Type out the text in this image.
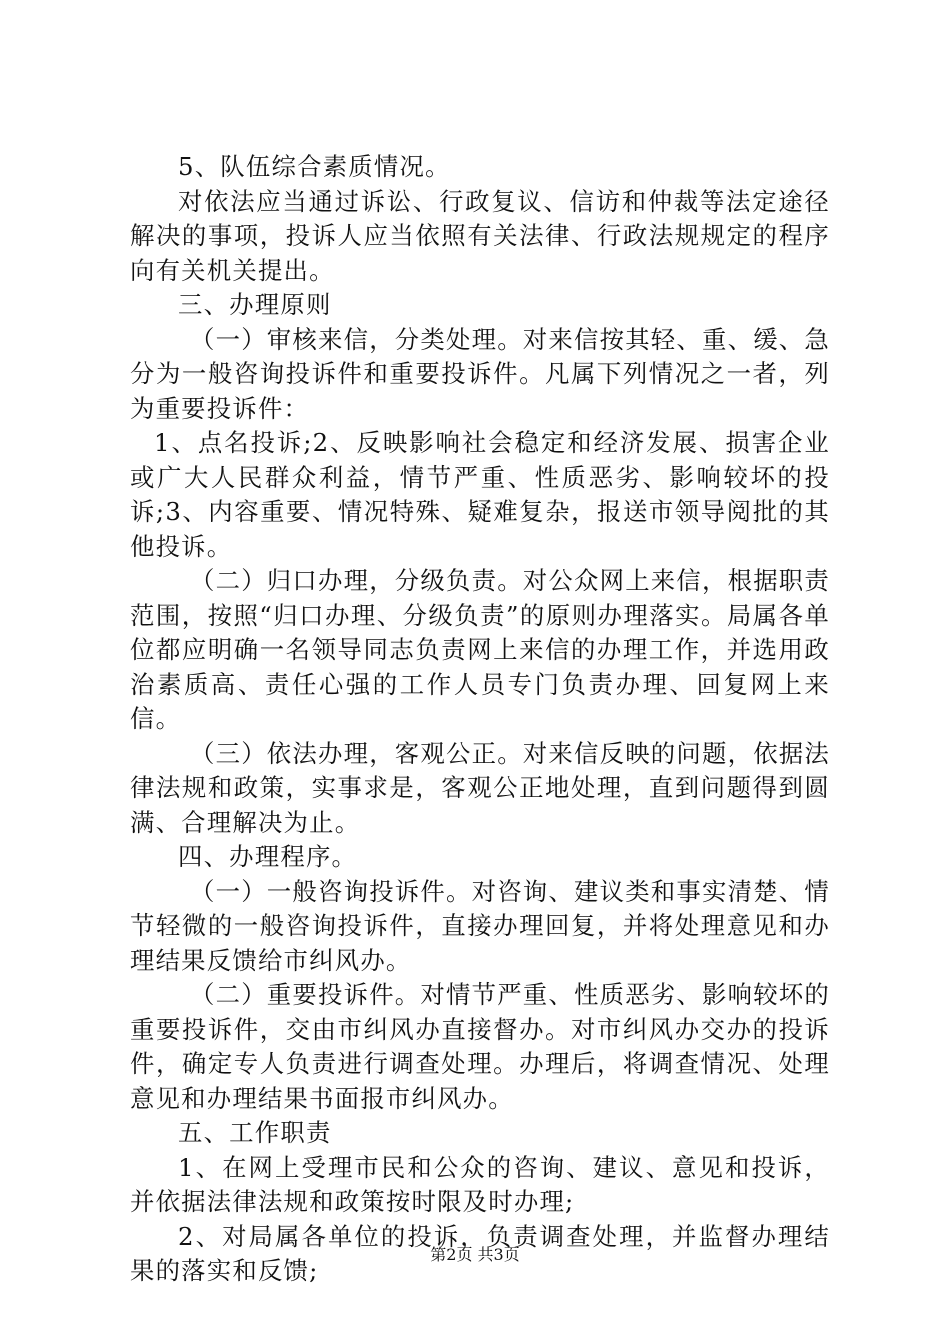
5、队伍综合素质情况。

对依法应当通过诉讼、行政复议、信访和仲裁等法定途径解决的事项，投诉人应当依照有关法律、行政法规规定的程序向有关机关提出。

三、办理原则

（一）审核来信，分类处理。对来信按其轻、重、缓、急分为一般咨询投诉件和重要投诉件。凡属下列情况之一者，列为重要投诉件：

1、点名投诉;2、反映影响社会稳定和经济发展、损害企业或广大人民群众利益，情节严重、性质恶劣、影响较坏的投诉;3、内容重要、情况特殊、疑难复杂，报送市领导阅批的其他投诉。

（二）归口办理，分级负责。对公众网上来信，根据职责范围，按照“归口办理、分级负责”的原则办理落实。局属各单位都应明确一名领导同志负责网上来信的办理工作，并选用政治素质高、责任心强的工作人员专门负责办理、回复网上来信。

（三）依法办理，客观公正。对来信反映的问题，依据法律法规和政策，实事求是，客观公正地处理，直到问题得到圆满、合理解决为止。

四、办理程序。

（一）一般咨询投诉件。对咨询、建议类和事实清楚、情节轻微的一般咨询投诉件，直接办理回复，并将处理意见和办理结果反馈给市纠风办。

（二）重要投诉件。对情节严重、性质恶劣、影响较坏的重要投诉件，交由市纠风办直接督办。对市纠风办交办的投诉件，确定专人负责进行调查处理。办理后，将调查情况、处理意见和办理结果书面报市纠风办。

五、工作职责

1、在网上受理市民和公众的咨询、建议、意见和投诉，并依据法律法规和政策按时限及时办理;

2、对局属各单位的投诉，负责调查处理，并监督办理结果的落实和反馈;

第2页 共3页
